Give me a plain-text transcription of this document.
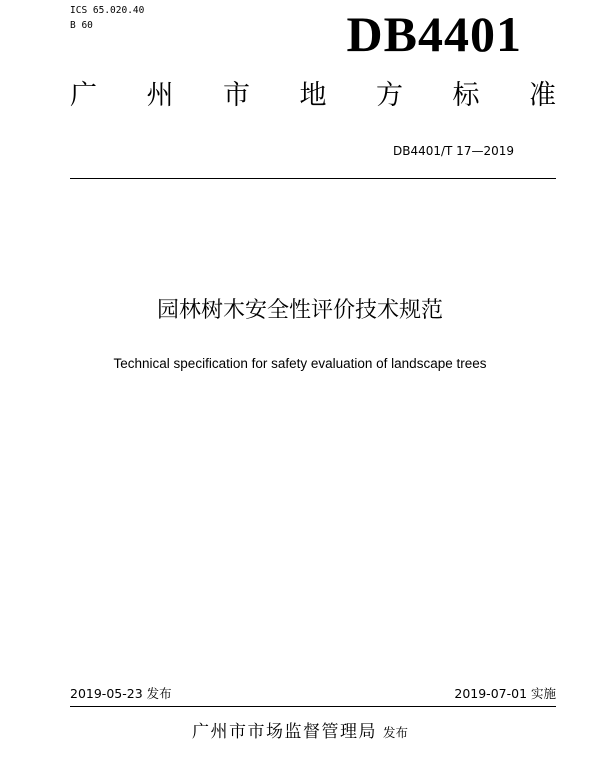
ICS 65.020.40
B 60	DB4401
广 州 市 地 方 标 准
DB4401/T 17—2019
园林树木安全性评价技术规范
Technical specification for safety evaluation of landscape trees
2019-05-23 发布	2019-07-01 实施
广州市市场监督管理局 发布
